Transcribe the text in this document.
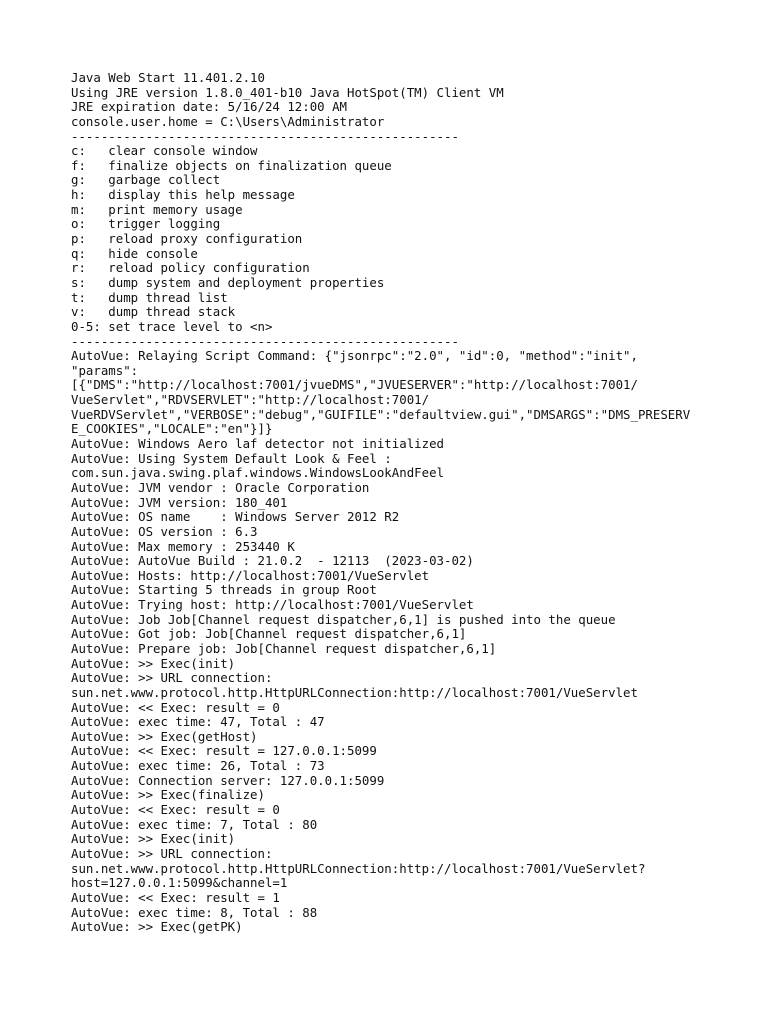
Java Web Start 11.401.2.10
Using JRE version 1.8.0_401-b10 Java HotSpot(TM) Client VM
JRE expiration date: 5/16/24 12:00 AM
console.user.home = C:\Users\Administrator
----------------------------------------------------
c:   clear console window
f:   finalize objects on finalization queue
g:   garbage collect
h:   display this help message
m:   print memory usage
o:   trigger logging
p:   reload proxy configuration
q:   hide console
r:   reload policy configuration
s:   dump system and deployment properties
t:   dump thread list
v:   dump thread stack
0-5: set trace level to <n>
----------------------------------------------------
AutoVue: Relaying Script Command: {"jsonrpc":"2.0", "id":0, "method":"init",
"params":
[{"DMS":"http://localhost:7001/jvueDMS","JVUESERVER":"http://localhost:7001/
VueServlet","RDVSERVLET":"http://localhost:7001/
VueRDVServlet","VERBOSE":"debug","GUIFILE":"defaultview.gui","DMSARGS":"DMS_PRESERV
E_COOKIES","LOCALE":"en"}]}
AutoVue: Windows Aero laf detector not initialized
AutoVue: Using System Default Look & Feel :
com.sun.java.swing.plaf.windows.WindowsLookAndFeel
AutoVue: JVM vendor : Oracle Corporation
AutoVue: JVM version: 180_401
AutoVue: OS name    : Windows Server 2012 R2
AutoVue: OS version : 6.3
AutoVue: Max memory : 253440 K
AutoVue: AutoVue Build : 21.0.2  - 12113  (2023-03-02)
AutoVue: Hosts: http://localhost:7001/VueServlet
AutoVue: Starting 5 threads in group Root
AutoVue: Trying host: http://localhost:7001/VueServlet
AutoVue: Job Job[Channel request dispatcher,6,1] is pushed into the queue
AutoVue: Got job: Job[Channel request dispatcher,6,1]
AutoVue: Prepare job: Job[Channel request dispatcher,6,1]
AutoVue: >> Exec(init)
AutoVue: >> URL connection:
sun.net.www.protocol.http.HttpURLConnection:http://localhost:7001/VueServlet
AutoVue: << Exec: result = 0
AutoVue: exec time: 47, Total : 47
AutoVue: >> Exec(getHost)
AutoVue: << Exec: result = 127.0.0.1:5099
AutoVue: exec time: 26, Total : 73
AutoVue: Connection server: 127.0.0.1:5099
AutoVue: >> Exec(finalize)
AutoVue: << Exec: result = 0
AutoVue: exec time: 7, Total : 80
AutoVue: >> Exec(init)
AutoVue: >> URL connection:
sun.net.www.protocol.http.HttpURLConnection:http://localhost:7001/VueServlet?
host=127.0.0.1:5099&channel=1
AutoVue: << Exec: result = 1
AutoVue: exec time: 8, Total : 88
AutoVue: >> Exec(getPK)
